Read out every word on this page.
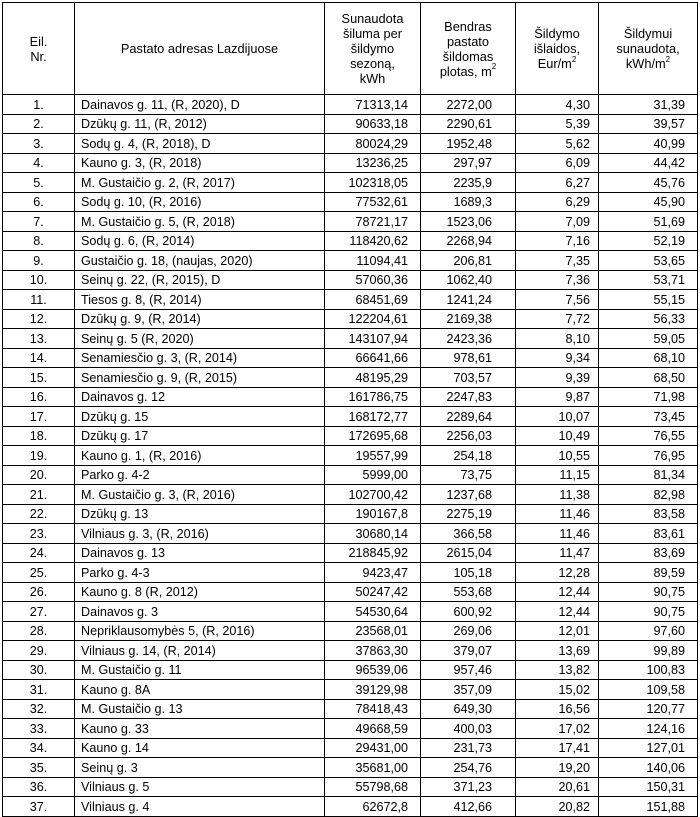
Eil.
Nr.	Pastato adresas Lazdijuose	Sunaudota
šiluma per
šildymo
sezoną,
kWh	Bendras
pastato
šildomas
plotas, $m^2$	Šildymo
išlaidos,
Eur/$m^2$	Šildymui
sunaudota,
kWh/$m^2$
1.	Dainavos g. 11, (R, 2020), D	71313,14	2272,00	4,30	31,39
2.	Dzūkų g. 11, (R, 2012)	90633,18	2290,61	5,39	39,57
3.	Sodų g. 4, (R, 2018), D	80024,29	1952,48	5,62	40,99
4.	Kauno g. 3, (R, 2018)	13236,25	297,97	6,09	44,42
5.	M. Gustaičio g. 2, (R, 2017)	102318,05	2235,9	6,27	45,76
6.	Sodų g. 10, (R, 2016)	77532,61	1689,3	6,29	45,90
7.	M. Gustaičio g. 5, (R, 2018)	78721,17	1523,06	7,09	51,69
8.	Sodų g. 6, (R, 2014)	118420,62	2268,94	7,16	52,19
9.	Gustaičio g. 18, (naujas, 2020)	11094,41	206,81	7,35	53,65
10.	Seinų g. 22, (R, 2015), D	57060,36	1062,40	7,36	53,71
11.	Tiesos g. 8, (R, 2014)	68451,69	1241,24	7,56	55,15
12.	Dzūkų g. 9, (R, 2014)	122204,61	2169,38	7,72	56,33
13.	Seinų g. 5 (R, 2020)	143107,94	2423,36	8,10	59,05
14.	Senamiesčio g. 3, (R, 2014)	66641,66	978,61	9,34	68,10
15.	Senamiesčio g. 9, (R, 2015)	48195,29	703,57	9,39	68,50
16.	Dainavos g. 12	161786,75	2247,83	9,87	71,98
17.	Dzūkų g. 15	168172,77	2289,64	10,07	73,45
18.	Dzūkų g. 17	172695,68	2256,03	10,49	76,55
19.	Kauno g. 1, (R, 2016)	19557,99	254,18	10,55	76,95
20.	Parko g. 4-2	5999,00	73,75	11,15	81,34
21.	M. Gustaičio g. 3, (R, 2016)	102700,42	1237,68	11,38	82,98
22.	Dzūkų g. 13	190167,8	2275,19	11,46	83,58
23.	Vilniaus g. 3, (R, 2016)	30680,14	366,58	11,46	83,61
24.	Dainavos g. 13	218845,92	2615,04	11,47	83,69
25.	Parko g. 4-3	9423,47	105,18	12,28	89,59
26.	Kauno g. 8 (R, 2012)	50247,42	553,68	12,44	90,75
27.	Dainavos g. 3	54530,64	600,92	12,44	90,75
28.	Nepriklausomybės 5, (R, 2016)	23568,01	269,06	12,01	97,60
29.	Vilniaus g. 14, (R, 2014)	37863,30	379,07	13,69	99,89
30.	M. Gustaičio g. 11	96539,06	957,46	13,82	100,83
31.	Kauno g. 8A	39129,98	357,09	15,02	109,58
32.	M. Gustaičio g. 13	78418,43	649,30	16,56	120,77
33.	Kauno g. 33	49668,59	400,03	17,02	124,16
34.	Kauno g. 14	29431,00	231,73	17,41	127,01
35.	Seinų g. 3	35681,00	254,76	19,20	140,06
36.	Vilniaus g. 5	55798,68	371,23	20,61	150,31
37.	Vilniaus g. 4	62672,8	412,66	20,82	151,88
